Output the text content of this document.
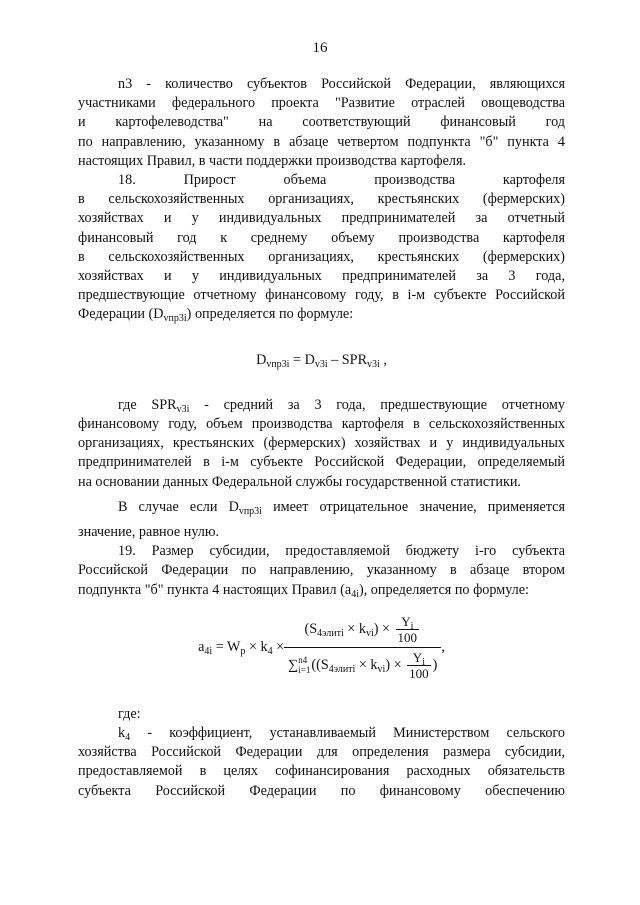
16
n3 - количество субъектов Российской Федерации, являющихся
участниками федерального проекта "Развитие отраслей овощеводства
и картофелеводства" на соответствующий финансовый год
по направлению, указанному в абзаце четвертом подпункта "б" пункта 4
настоящих Правил, в части поддержки производства картофеля.
18. Прирост объема производства картофеля
в сельскохозяйственных организациях, крестьянских (фермерских)
хозяйствах и у индивидуальных предпринимателей за отчетный
финансовый год к среднему объему производства картофеля
в сельскохозяйственных организациях, крестьянских (фермерских)
хозяйствах и у индивидуальных предпринимателей за 3 года,
предшествующие отчетному финансовому году, в i-м субъекте Российской
Федерации $(D_{vпр3i})$ определяется по формуле:
$D_{vпр3i} = D_{v3i} - SPR_{v3i}$ ,
где $SPR_{v3i}$ - средний за 3 года, предшествующие отчетному
финансовому году, объем производства картофеля в сельскохозяйственных
организациях, крестьянских (фермерских) хозяйствах и у индивидуальных
предпринимателей в i-м субъекте Российской Федерации, определяемый
на основании данных Федеральной службы государственной статистики.
В случае если $D_{vпр3i}$ имеет отрицательное значение, применяется
значение, равное нулю.
19. Размер субсидии, предоставляемой бюджету i-го субъекта
Российской Федерации по направлению, указанному в абзаце втором
подпункта "б" пункта 4 настоящих Правил $(a_{4i})$, определяется по формуле:
$a_{4i} = W_p \times k_4 \times (S_{4элитi} \times k_{vi}) \times \frac{Y_i}{100}$
∑ n4
i=1 ($(S_{4элитi} \times k_{vi}) \times \frac{Y_i}{100}$ ) ,
где:
$k_4$ - коэффициент, устанавливаемый Министерством сельского
хозяйства Российской Федерации для определения размера субсидии,
предоставляемой в целях софинансирования расходных обязательств
субъекта Российской Федерации по финансовому обеспечению
